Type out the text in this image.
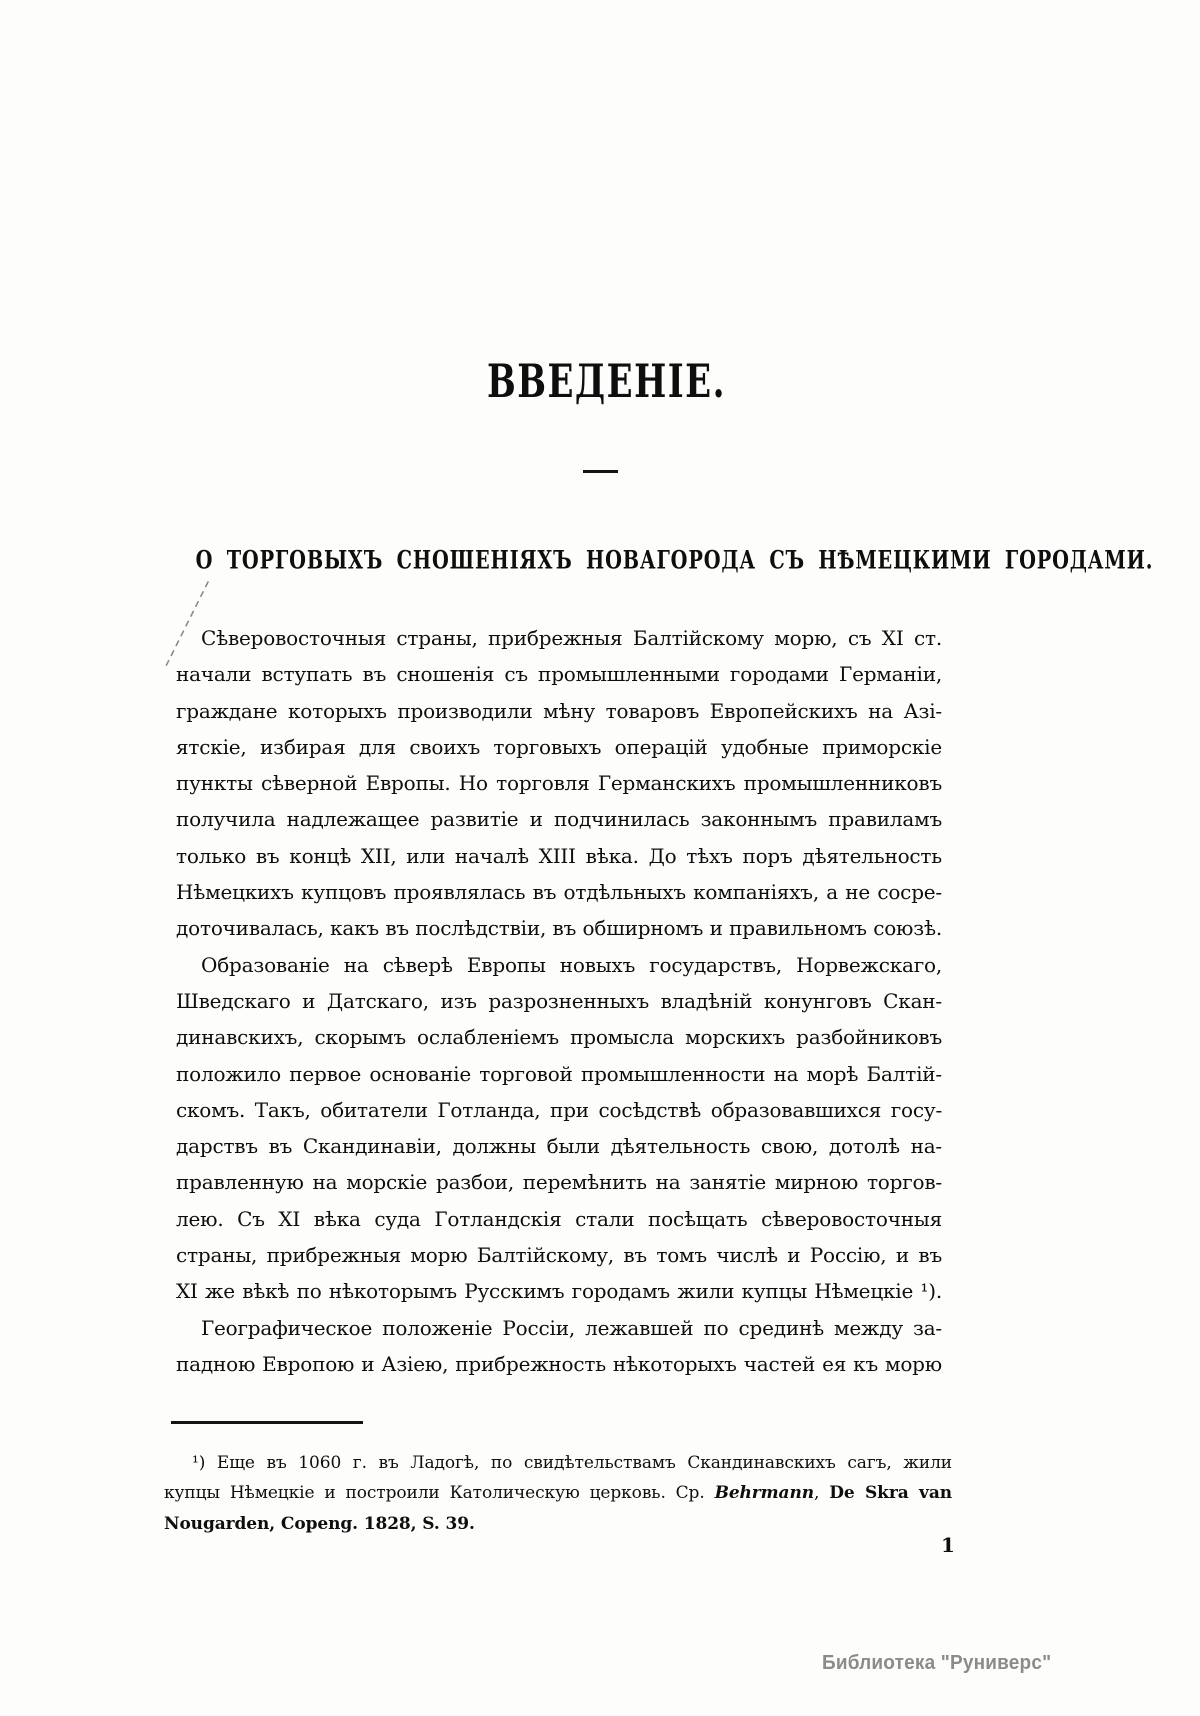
ВВЕДЕНІЕ.
О ТОРГОВЫХЪ СНОШЕНІЯХЪ НОВАГОРОДА СЪ НѢМЕЦКИМИ ГОРОДАМИ.
Сѣверовосточныя страны, прибрежныя Балтійскому морю, съ XI ст.
начали вступать въ сношенія съ промышленными городами Германіи,
граждане которыхъ производили мѣну товаровъ Европейскихъ на Азі-
ятскіе, избирая для своихъ торговыхъ операцій удобные приморскіе
пункты сѣверной Европы. Но торговля Германскихъ промышленниковъ
получила надлежащее развитіе и подчинилась законнымъ правиламъ
только въ концѣ XII, или началѣ XIII вѣка. До тѣхъ поръ дѣятельность
Нѣмецкихъ купцовъ проявлялась въ отдѣльныхъ компаніяхъ, а не сосре-
доточивалась, какъ въ послѣдствіи, въ обширномъ и правильномъ союзѣ.
Образованіе на сѣверѣ Европы новыхъ государствъ, Норвежскаго,
Шведскаго и Датскаго, изъ разрозненныхъ владѣній конунговъ Скан-
динавскихъ, скорымъ ослабленіемъ промысла морскихъ разбойниковъ
положило первое основаніе торговой промышленности на морѣ Балтій-
скомъ. Такъ, обитатели Готланда, при сосѣдствѣ образовавшихся госу-
дарствъ въ Скандинавіи, должны были дѣятельность свою, дотолѣ на-
правленную на морскіе разбои, перемѣнить на занятіе мирною торгов-
лею. Съ XI вѣка суда Готландскія стали посѣщать сѣверовосточныя
страны, прибрежныя морю Балтійскому, въ томъ числѣ и Россію, и въ
XI же вѣкѣ по нѣкоторымъ Русскимъ городамъ жили купцы Нѣмецкіе ¹).
Географическое положеніе Россіи, лежавшей по срединѣ между за-
падною Европою и Азіею, прибрежность нѣкоторыхъ частей ея къ морю
¹) Еще въ 1060 г. въ Ладогѣ, по свидѣтельствамъ Скандинавскихъ сагъ, жили
купцы Нѣмецкіе и построили Католическую церковь. Ср. Behrmann, De Skra van
Nougarden, Copeng. 1828, S. 39.
1
Библиотека "Руниверс"
